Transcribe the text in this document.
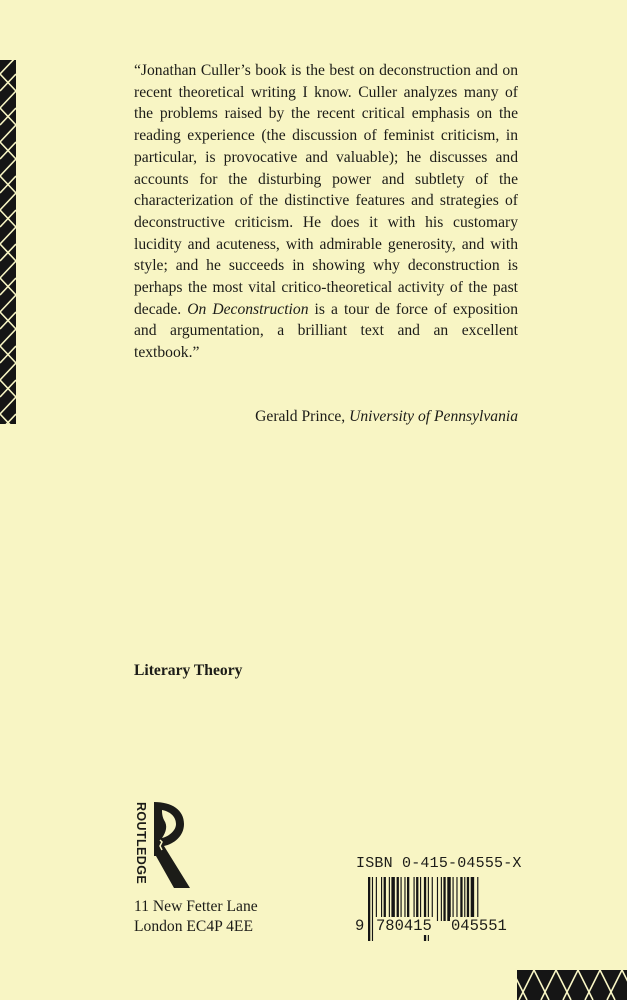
“Jonathan Culler’s book is the best on deconstruction and on recent theoretical writing I know. Culler analyzes many of the problems raised by the recent critical emphasis on the reading experience (the discussion of feminist criticism, in particular, is provocative and valuable); he discusses and accounts for the disturbing power and subtlety of the characterization of the distinctive features and strategies of deconstructive criticism. He does it with his customary lucidity and acuteness, with admirable generosity, and with style; and he succeeds in showing why deconstruction is perhaps the most vital critico-theoretical activity of the past decade. On Deconstruction is a tour de force of exposition and argumentation, a brilliant text and an excellent textbook.”

Gerald Prince, University of Pennsylvania

Literary Theory

ROUTLEDGE

11 New Fetter Lane
London EC4P 4EE

ISBN 0-415-04555-X

9 780415 045551
